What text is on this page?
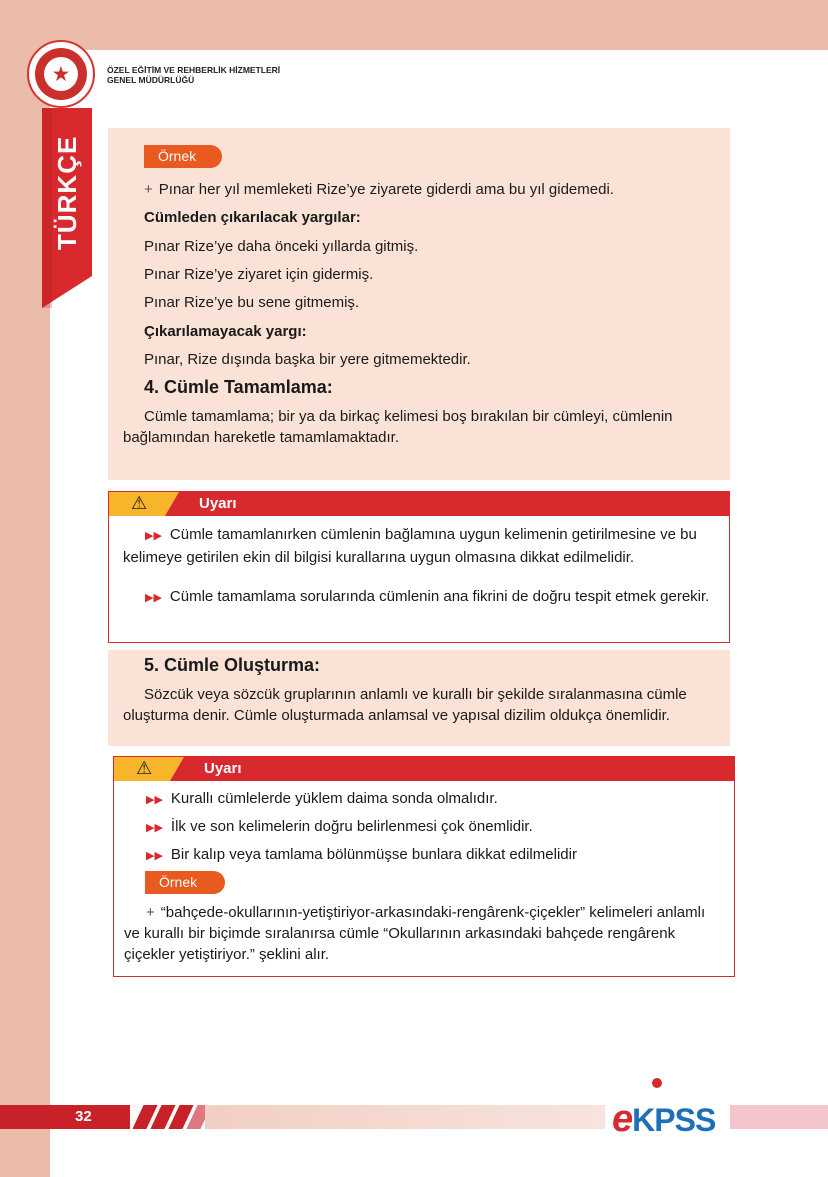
★	ÖZEL EĞİTİM VE REHBERLİK HİZMETLERİ
GENEL MÜDÜRLÜĞÜ
TÜRKÇE	Örnek
+ Pınar her yıl memleketi Rize’ye ziyarete giderdi ama bu yıl gidemedi.
Cümleden çıkarılacak yargılar:
Pınar Rize’ye daha önceki yıllarda gitmiş.
Pınar Rize’ye ziyaret için gidermiş.
Pınar Rize’ye bu sene gitmemiş.
Çıkarılamayacak yargı:
Pınar, Rize dışında başka bir yere gitmemektedir.
4. Cümle Tamamlama:
Cümle tamamlama; bir ya da birkaç kelimesi boş bırakılan bir cümleyi, cümlenin bağlamından hareketle tamamlamaktadır.
⚠	Uyarı
▶▶ Cümle tamamlanırken cümlenin bağlamına uygun kelimenin getirilmesine ve bu kelimeye getirilen ekin dil bilgisi kurallarına uygun olmasına dikkat edilmelidir.
▶▶ Cümle tamamlama sorularında cümlenin ana fikrini de doğru tespit etmek gerekir.
5. Cümle Oluşturma:
Sözcük veya sözcük gruplarının anlamlı ve kurallı bir şekilde sıralanmasına cümle oluşturma denir. Cümle oluşturmada anlamsal ve yapısal dizilim oldukça önemlidir.
⚠	Uyarı
▶▶ Kurallı cümlelerde yüklem daima sonda olmalıdır.
▶▶ İlk ve son kelimelerin doğru belirlenmesi çok önemlidir.
▶▶ Bir kalıp veya tamlama bölünmüşse bunlara dikkat edilmelidir
Örnek
+ “bahçede-okullarının-yetiştiriyor-arkasındaki-rengârenk-çiçekler” kelimeleri anlamlı ve kurallı bir biçimde sıralanırsa cümle “Okullarının arkasındaki bahçede rengârenk çiçekler yetiştiriyor.” şeklini alır.
32	eKPSS
